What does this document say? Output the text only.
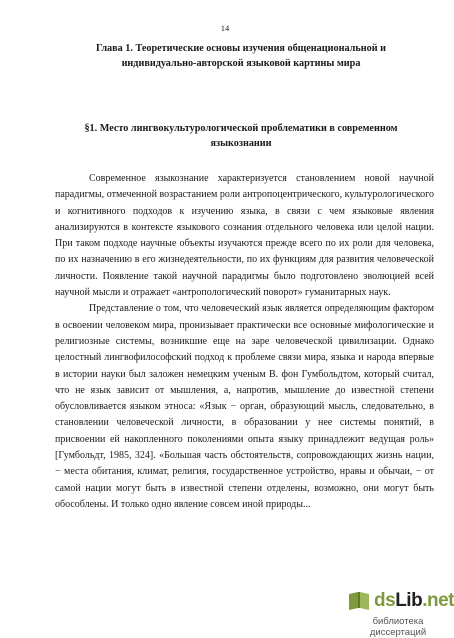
14
Глава 1. Теоретические основы изучения общенациональной и индивидуально-авторской языковой картины мира
§1. Место лингвокультурологической проблематики в современном языкознании

Современное языкознание характеризуется становлением новой научной парадигмы, отмеченной возрастанием роли антропоцентрического, культурологического и когнитивного подходов к изучению языка, в связи с чем языковые явления анализируются в контексте языкового сознания отдельного человека или целой нации. При таком подходе научные объекты изучаются прежде всего по их роли для человека, по их назначению в его жизнедеятельности, по их функциям для развития человеческой личности. Появление такой научной парадигмы было подготовлено эволюцией всей научной мысли и отражает «антропологический поворот» гуманитарных наук.

Представление о том, что человеческий язык является определяющим фактором в освоении человеком мира, пронизывает практически все основные мифологические и религиозные системы, возникшие еще на заре человеческой цивилизации. Однако целостный лингвофилософский подход к проблеме связи мира, языка и народа впервые в истории науки был заложен немецким ученым В. фон Гумбольдтом, который считал, что не язык зависит от мышления, а, напротив, мышление до известной степени обусловливается языком этноса: «Язык − орган, образующий мысль, следовательно, в становлении человеческой личности, в образовании у нее системы понятий, в присвоении ей накопленного поколениями опыта языку принадлежит ведущая роль» [Гумбольдт, 1985, 324]. «Большая часть обстоятельств, сопровождающих жизнь нации, − места обитания, климат, религия, государственное устройство, нравы и обычаи, − от самой нации могут быть в известной степени отделены, возможно, они могут быть обособлены. И только одно явление совсем иной природы...

dsLib.net
библиотека диссертаций
